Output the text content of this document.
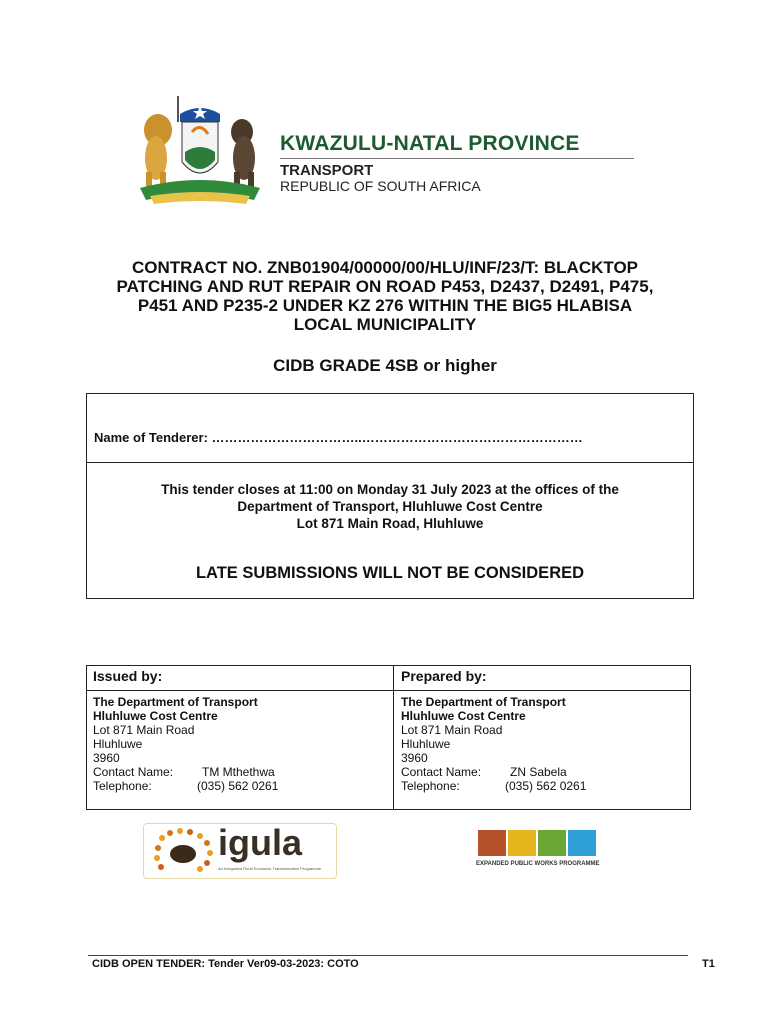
KWAZULU-NATAL PROVINCE
TRANSPORT
REPUBLIC OF SOUTH AFRICA
CONTRACT NO. ZNB01904/00000/00/HLU/INF/23/T: BLACKTOP
PATCHING AND RUT REPAIR ON ROAD P453, D2437, D2491, P475,
P451 AND P235-2 UNDER KZ 276 WITHIN THE BIG5 HLABISA
LOCAL MUNICIPALITY
CIDB GRADE 4SB or higher
Name of Tenderer: ……………………………..……………………………………………
This tender closes at 11:00 on Monday 31 July 2023 at the offices of the
Department of Transport, Hluhluwe Cost Centre
Lot 871 Main Road, Hluhluwe
LATE SUBMISSIONS WILL NOT BE CONSIDERED
Issued by:
The Department of Transport
Hluhluwe Cost Centre
Lot 871 Main Road
Hluhluwe
3960
Contact Name: TM Mthethwa
Telephone:	(035) 562 0261
Prepared by:
The Department of Transport
Hluhluwe Cost Centre
Lot 871 Main Road
Hluhluwe
3960
Contact Name: ZN Sabela
Telephone:	(035) 562 0261
igula
An Integrated Rural Economic Transformation Programme
EXPANDED PUBLIC WORKS PROGRAMME
CIDB OPEN TENDER: Tender Ver09-03-2023: COTO	T1
